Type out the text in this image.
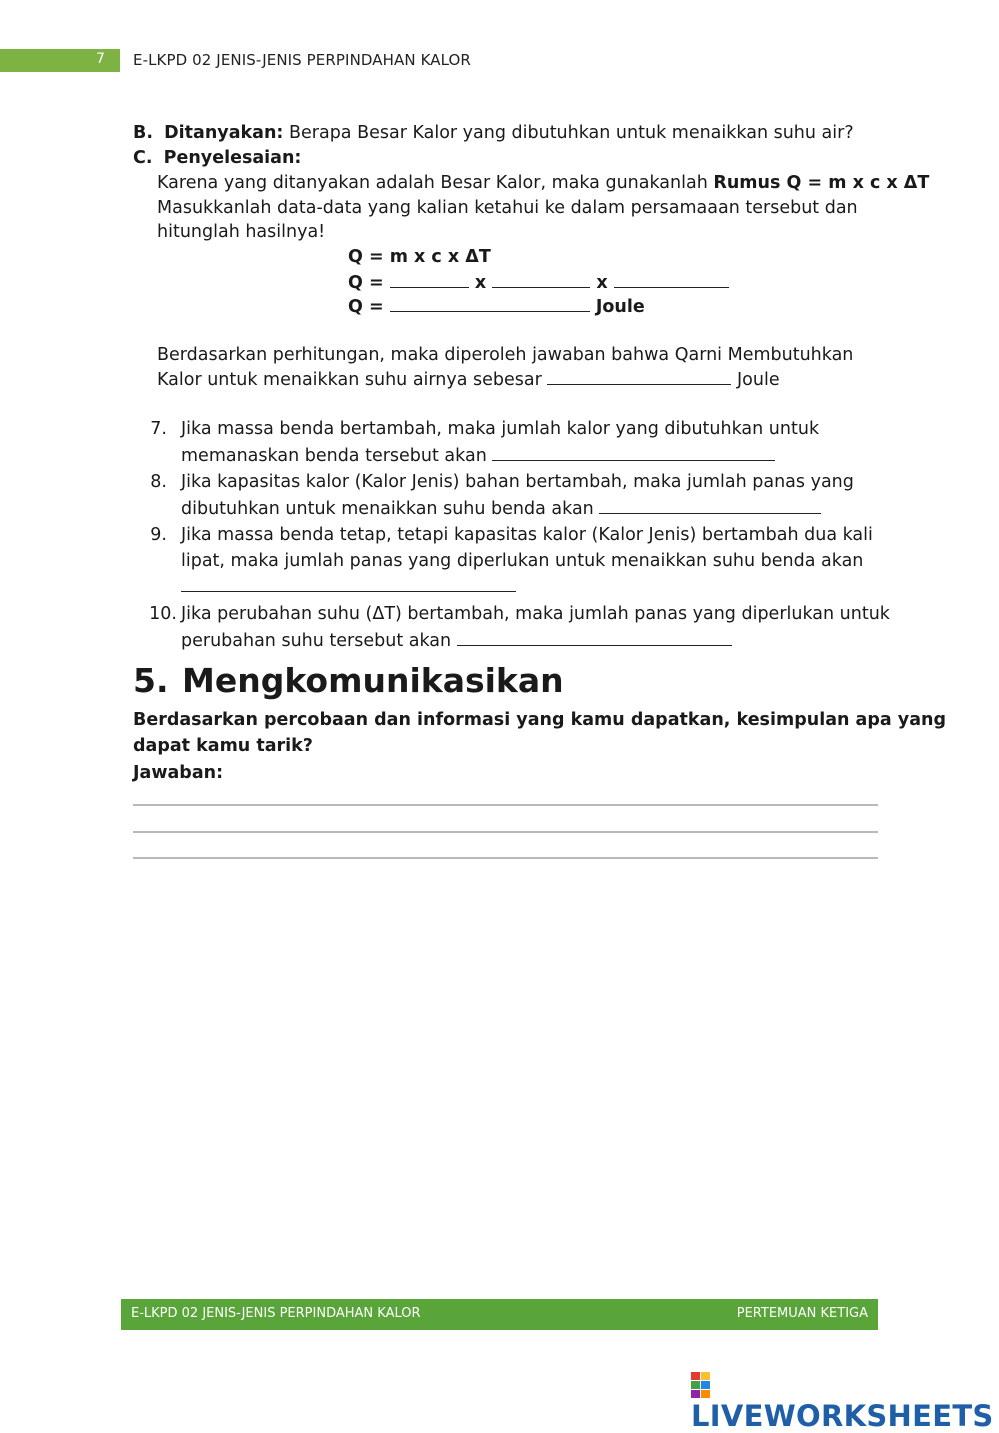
7	E-LKPD 02 JENIS-JENIS PERPINDAHAN KALOR
B. Ditanyakan: Berapa Besar Kalor yang dibutuhkan untuk menaikkan suhu air?
C. Penyelesaian:
Karena yang ditanyakan adalah Besar Kalor, maka gunakanlah Rumus Q = m x c x ΔT
Masukkanlah data-data yang kalian ketahui ke dalam persamaaan tersebut dan
hitunglah hasilnya!
Q = m x c x ΔT
Q =	x	x
Q =	Joule
Berdasarkan perhitungan, maka diperoleh jawaban bahwa Qarni Membutuhkan
Kalor untuk menaikkan suhu airnya sebesar	Joule
7. Jika massa benda bertambah, maka jumlah kalor yang dibutuhkan untuk
memanaskan benda tersebut akan
8. Jika kapasitas kalor (Kalor Jenis) bahan bertambah, maka jumlah panas yang
dibutuhkan untuk menaikkan suhu benda akan
9. Jika massa benda tetap, tetapi kapasitas kalor (Kalor Jenis) bertambah dua kali
lipat, maka jumlah panas yang diperlukan untuk menaikkan suhu benda akan
10. Jika perubahan suhu (ΔT) bertambah, maka jumlah panas yang diperlukan untuk
perubahan suhu tersebut akan
5. Mengkomunikasikan
Berdasarkan percobaan dan informasi yang kamu dapatkan, kesimpulan apa yang
dapat kamu tarik?
Jawaban:
E-LKPD 02 JENIS-JENIS PERPINDAHAN KALOR	PERTEMUAN KETIGA
LIVEWORKSHEETS
